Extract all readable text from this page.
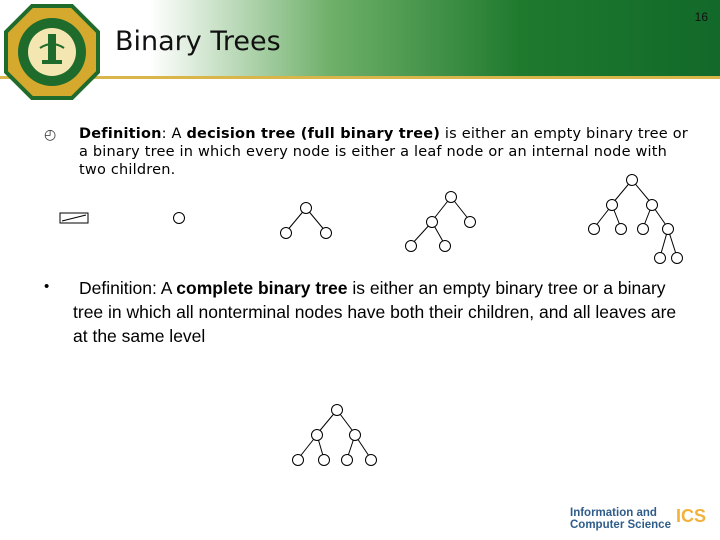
Binary Trees
16
◴ Definition: A decision tree (full binary tree) is either an empty binary tree or a binary tree in which every node is either a leaf node or an internal node with two children.
•	Definition: A complete binary tree is either an empty binary tree or a binary tree in which all nonterminal nodes have both their children, and all leaves are at the same level
Information and
Computer Science ICS
